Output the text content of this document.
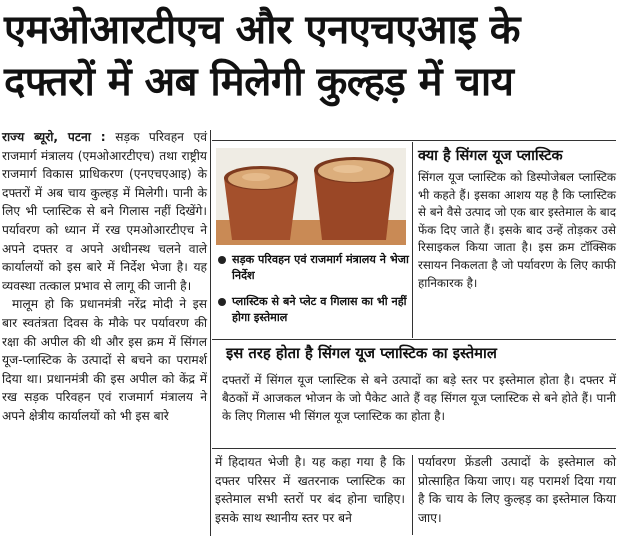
एमओआरटीएच और एनएचएआइ के
दफ्तरों में अब मिलेगी कुल्हड़ में चाय

राज्य ब्यूरो, पटना : सड़क परिवहन एवं राजमार्ग मंत्रालय (एमओआरटीएच) तथा राष्ट्रीय राजमार्ग विकास प्राधिकरण (एनएचएआइ) के दफ्तरों में अब चाय कुल्हड़ में मिलेगी। पानी के लिए भी प्लास्टिक से बने गिलास नहीं दिखेंगे। पर्यावरण को ध्यान में रख एमओआरटीएच ने अपने दफ्तर व अपने अधीनस्थ चलने वाले कार्यालयों को इस बारे में निर्देश भेजा है। यह व्यवस्था तत्काल प्रभाव से लागू की जानी है।

मालूम हो कि प्रधानमंत्री नरेंद्र मोदी ने इस बार स्वतंत्रता दिवस के मौके पर पर्यावरण की रक्षा की अपील की थी और इस क्रम में सिंगल यूज-प्लास्टिक के उत्पादों से बचने का परामर्श दिया था। प्रधानमंत्री की इस अपील को केंद्र में रख सड़क परिवहन एवं राजमार्ग मंत्रालय ने अपने क्षेत्रीय कार्यालयों को भी इस बारे

सड़क परिवहन एवं राजमार्ग मंत्रालय ने भेजा निर्देश
प्लास्टिक से बने प्लेट व गिलास का भी नहीं होगा इस्तेमाल
क्या है सिंगल यूज प्लास्टिक

सिंगल यूज प्लास्टिक को डिस्पोजेबल प्लास्टिक भी कहते हैं। इसका आशय यह है कि प्लास्टिक से बने वैसे उत्पाद जो एक बार इस्तेमाल के बाद फेंक दिए जाते हैं। इसके बाद उन्हें तोड़कर उसे रिसाइकल किया जाता है। इस क्रम टॉक्सिक रसायन निकलता है जो पर्यावरण के लिए काफी हानिकारक है।

इस तरह होता है सिंगल यूज प्लास्टिक का इस्तेमाल

दफ्तरों में सिंगल यूज प्लास्टिक से बने उत्पादों का बड़े स्तर पर इस्तेमाल होता है। दफ्तर में बैठकों में आजकल भोजन के जो पैकेट आते हैं वह सिंगल यूज प्लास्टिक से बने होते हैं। पानी के लिए गिलास भी सिंगल यूज प्लास्टिक का होता है।

में हिदायत भेजी है। यह कहा गया है कि दफ्तर परिसर में खतरनाक प्लास्टिक का इस्तेमाल सभी स्तरों पर बंद होना चाहिए। इसके साथ स्थानीय स्तर पर बने
पर्यावरण फ्रेंडली उत्पादों के इस्तेमाल को प्रोत्साहित किया जाए। यह परामर्श दिया गया है कि चाय के लिए कुल्हड़ का इस्तेमाल किया जाए।
